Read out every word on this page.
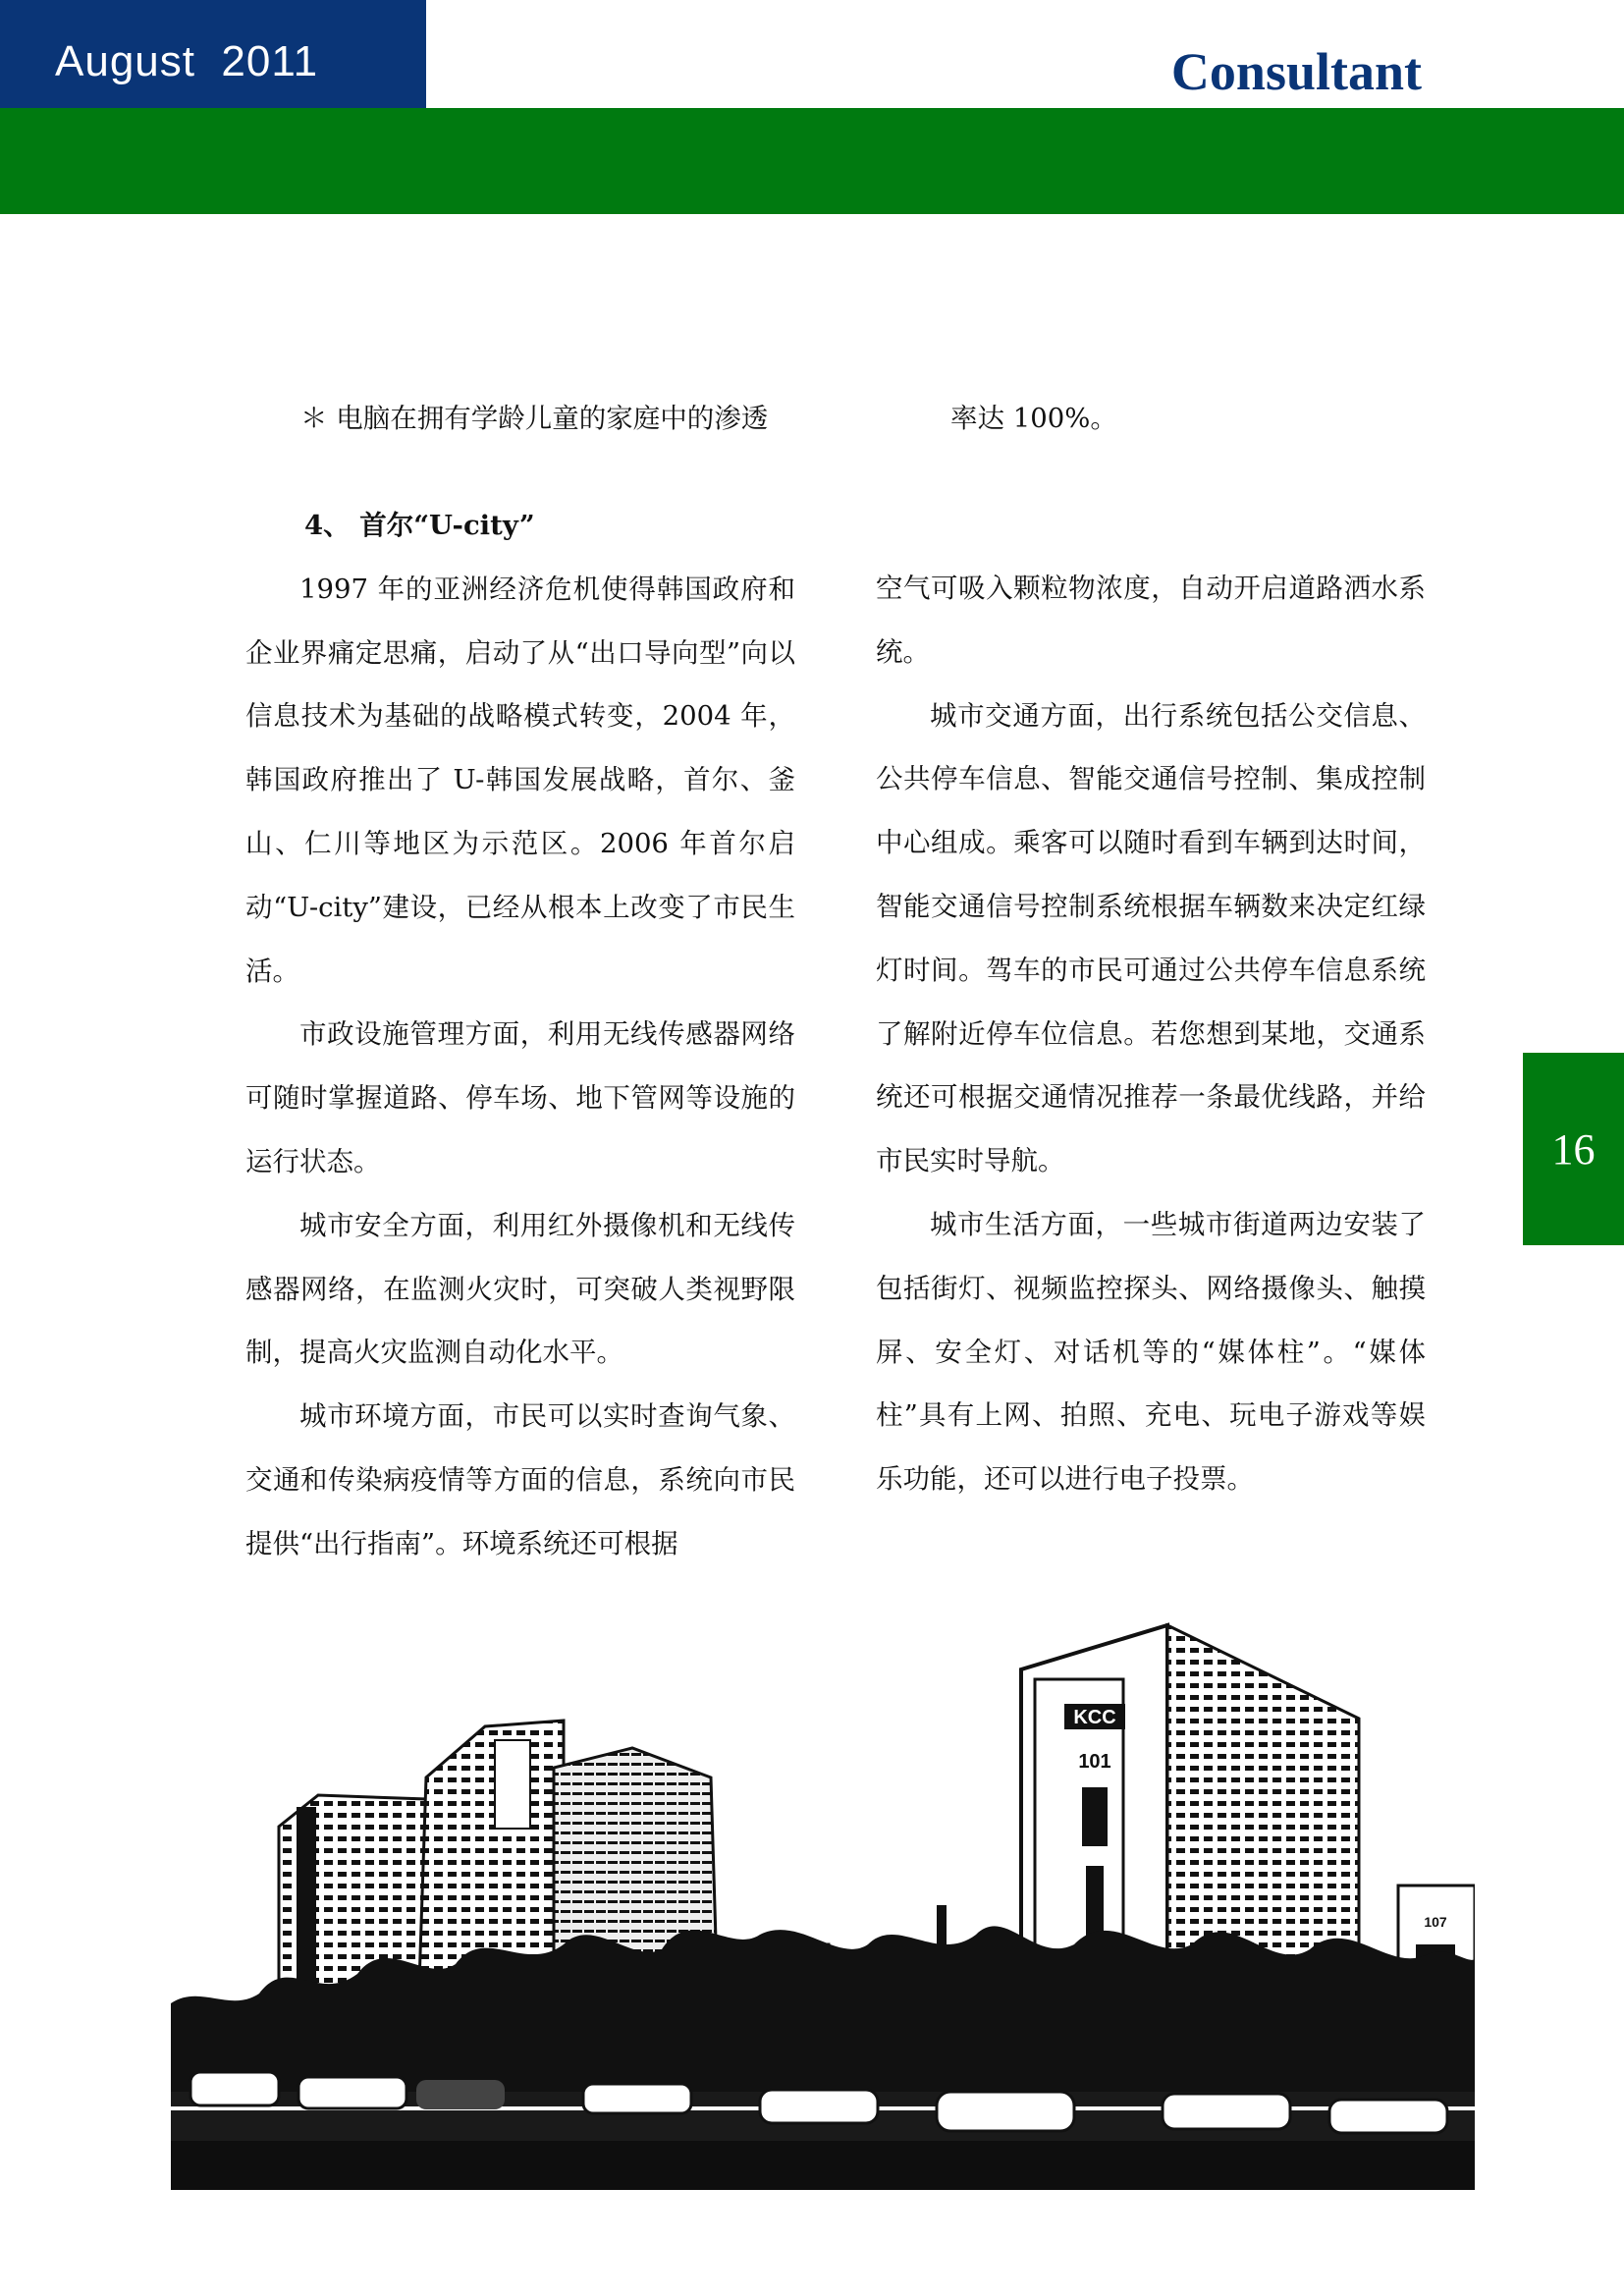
August  2011	Consultant
16
＊ 电脑在拥有学龄儿童的家庭中的渗透	率达 100%。

4、 首尔“U-city”

1997 年的亚洲经济危机使得韩国政府和企业界痛定思痛，启动了从“出口导向型”向以信息技术为基础的战略模式转变，2004 年，韩国政府推出了 U-韩国发展战略，首尔、釜山、仁川等地区为示范区。2006 年首尔启动“U-city”建设，已经从根本上改变了市民生活。

市政设施管理方面，利用无线传感器网络可随时掌握道路、停车场、地下管网等设施的运行状态。

城市安全方面，利用红外摄像机和无线传感器网络，在监测火灾时，可突破人类视野限制，提高火灾监测自动化水平。

城市环境方面，市民可以实时查询气象、交通和传染病疫情等方面的信息，系统向市民提供“出行指南”。环境系统还可根据

空气可吸入颗粒物浓度，自动开启道路洒水系统。

城市交通方面，出行系统包括公交信息、公共停车信息、智能交通信号控制、集成控制中心组成。乘客可以随时看到车辆到达时间，智能交通信号控制系统根据车辆数来决定红绿灯时间。驾车的市民可通过公共停车信息系统了解附近停车位信息。若您想到某地，交通系统还可根据交通情况推荐一条最优线路，并给市民实时导航。

城市生活方面，一些城市街道两边安装了包括街灯、视频监控探头、网络摄像头、触摸屏、安全灯、对话机等的“媒体柱”。“媒体柱”具有上网、拍照、充电、玩电子游戏等娱乐功能，还可以进行电子投票。

KCC
101
107
